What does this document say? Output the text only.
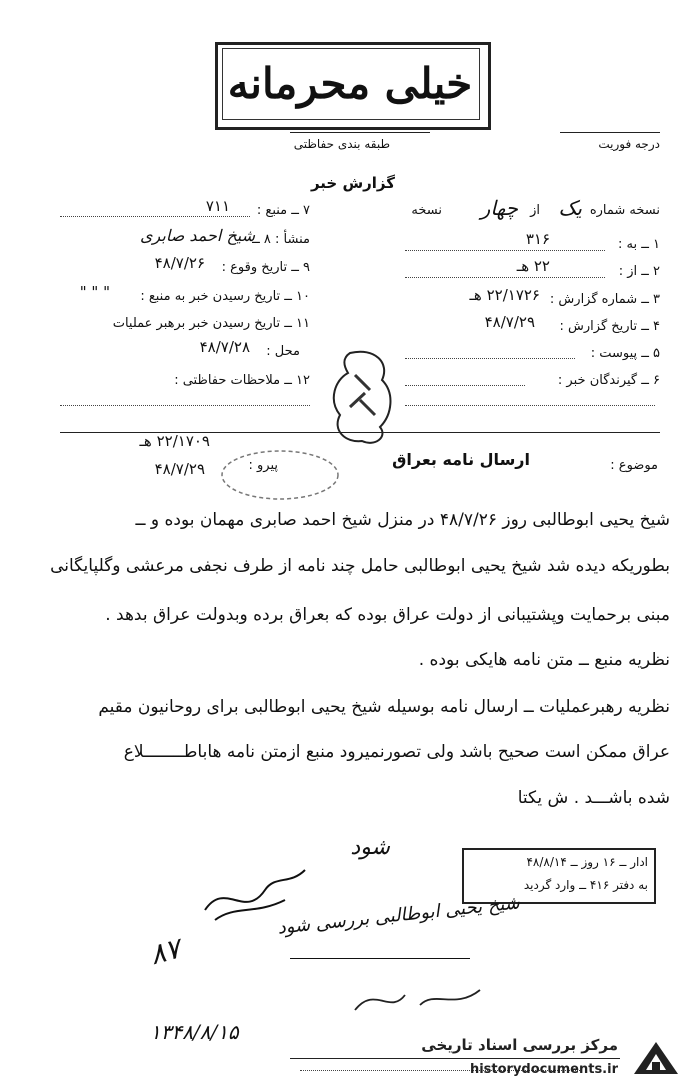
خیلی محرمانه
درجه فوریت
طبقه بندی حفاظتی
گزارش خبر
نسخه شماره
یک
از
چهار
نسخه
۱ ــ به :
۳۱۶
۲ ــ از :
۲۲ هـ
۳ ــ شماره گزارش :
۲۲/۱۷۲۶ هـ
۴ ــ تاریخ گزارش :
۴۸/۷/۲۹
۵ ــ پیوست :
۶ ــ گیرندگان خبر :
۷ ــ منبع :
۷۱۱
منشأ : ۸ ــ
شیخ احمد صابری
۹ ــ تاریخ وقوع :
۴۸/۷/۲۶
۱۰ ــ تاریخ رسیدن خبر به منبع :
" " "
۱۱ ــ تاریخ رسیدن خبر برهبر عملیات
محل :
۴۸/۷/۲۸
۱۲ ــ ملاحظات حفاظتی :
موضوع :
ارسال نامه بعراق
پیرو :
۲۲/۱۷۰۹ هـ
۴۸/۷/۲۹
شیخ یحیی ابوطالبی روز ۴۸/۷/۲۶ در منزل شیخ احمد صابری مهمان بوده و ــ
بطوریکه دیده شد شیخ یحیی ابوطالبی حامل چند نامه از طرف نجفی مرعشی وگلپایگانی
مبنی برحمایت وپشتیبانی از دولت عراق بوده که بعراق برده وبدولت عراق بدهد .
نظریه منبع ــ متن نامه هایکی بوده .
نظریه رهبرعملیات ــ ارسال نامه بوسیله شیخ یحیی ابوطالبی برای روحانیون مقیم
عراق ممکن است صحیح باشد ولی تصورنمیرود منبع ازمتن نامه هاباطــــــــلاع
شده باشـــد . ش یکتا
ادار ــ ۱۶ روز ــ ۴۸/۸/۱۴
به دفتر ۴۱۶ ــ وارد گردید
شود
شیخ یحیی ابوطالبی بررسی شود
۸۷
۱۳۴۸/۸/۱۵
مرکز بررسی اسناد تاریخی
historydocuments.ir
